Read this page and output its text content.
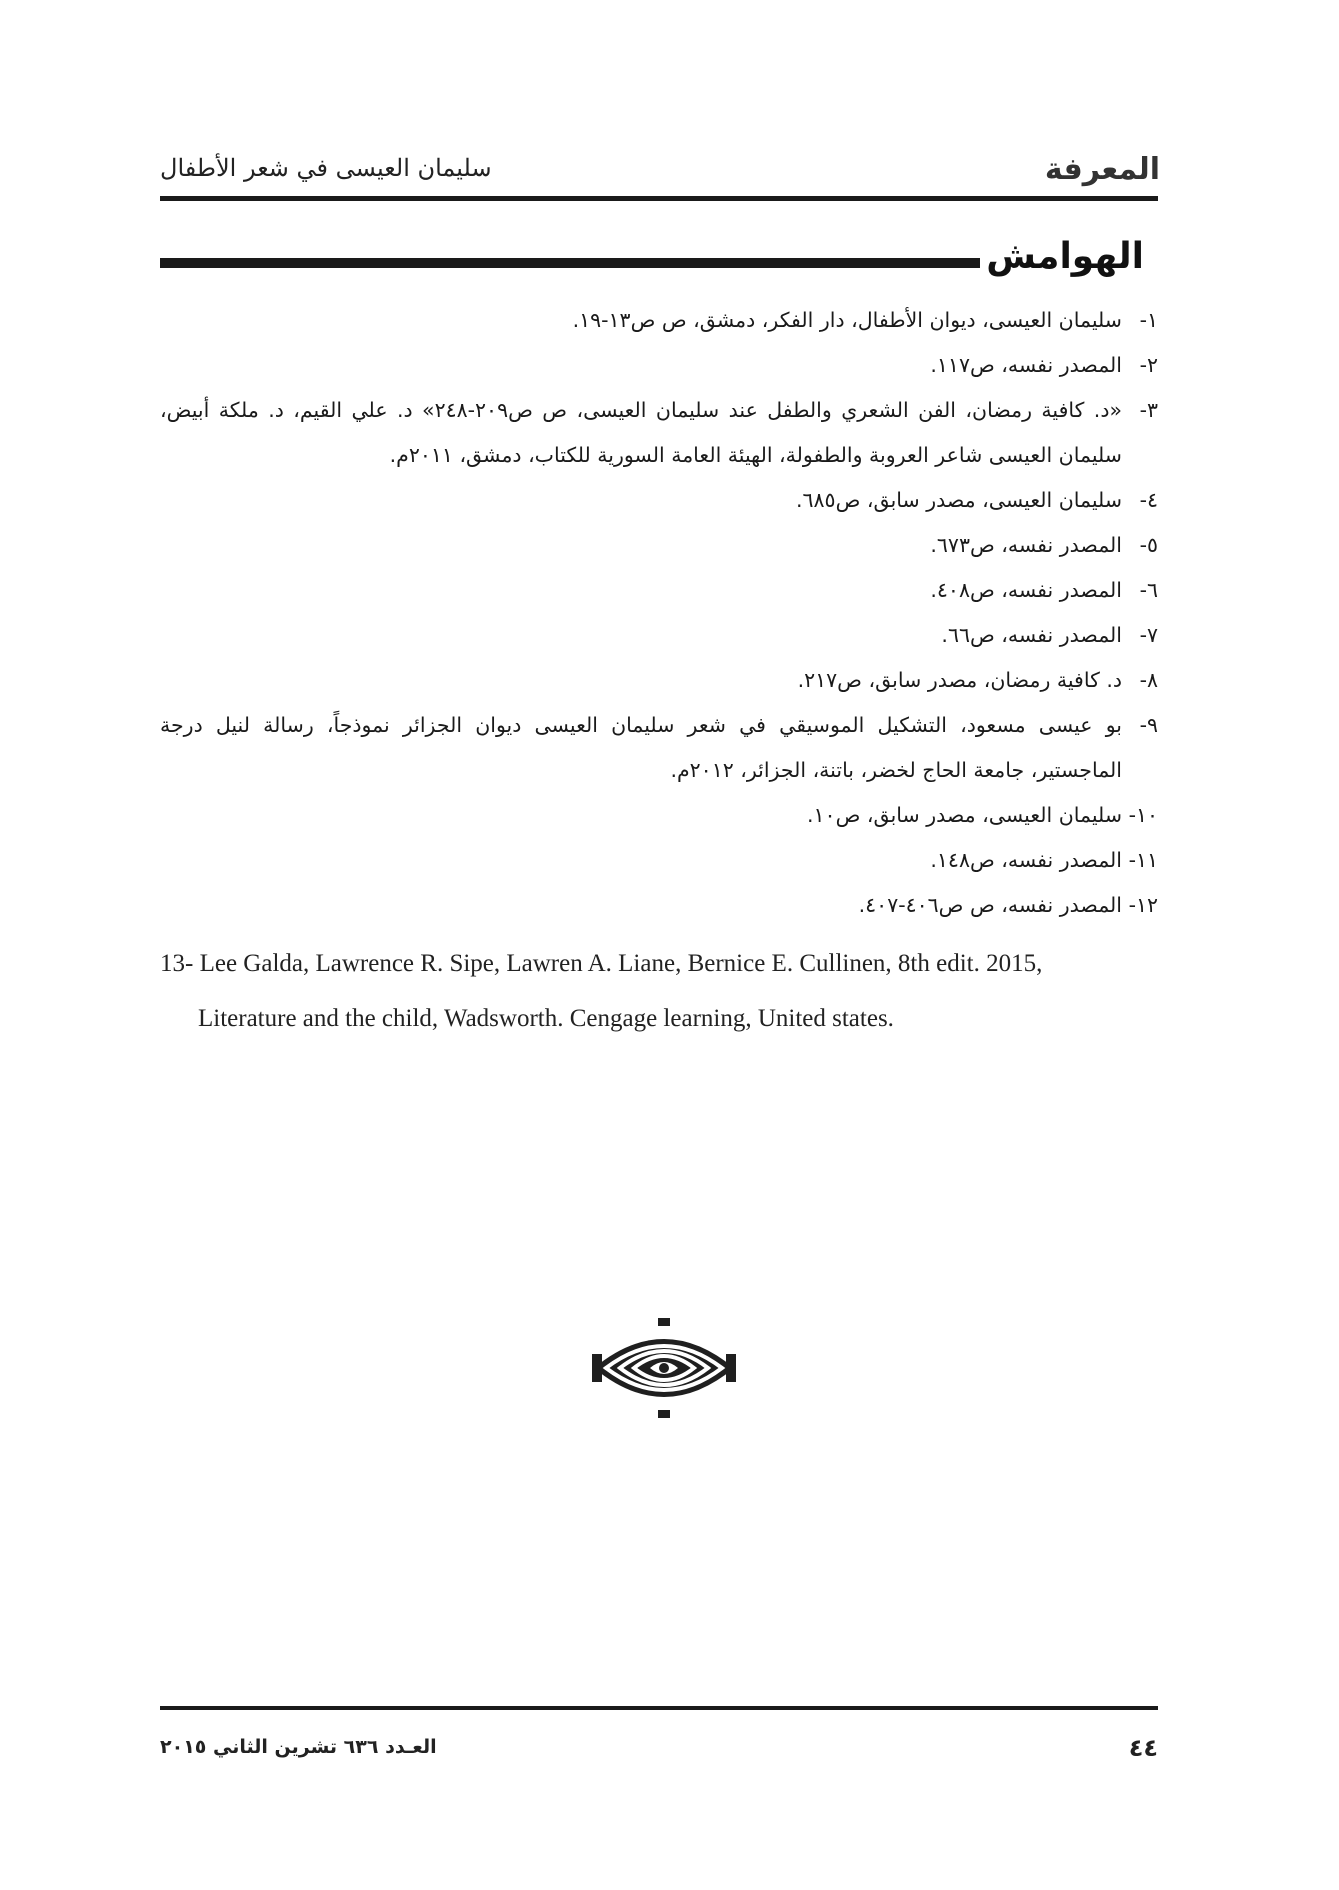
المعرفة
سليمان العيسى في شعر الأطفال
الهوامش
١-
سليمان العيسى، ديوان الأطفال، دار الفكر، دمشق، ص ص١٣-١٩.
٢-
المصدر نفسه، ص١١٧.
٣-
«د. كافية رمضان، الفن الشعري والطفل عند سليمان العيسى، ص ص٢٠٩-٢٤٨» د. علي القيم، د. ملكة أبيض، سليمان العيسى شاعر العروبة والطفولة، الهيئة العامة السورية للكتاب، دمشق، ٢٠١١م.
٤-
سليمان العيسى، مصدر سابق، ص٦٨٥.
٥-
المصدر نفسه، ص٦٧٣.
٦-
المصدر نفسه، ص٤٠٨.
٧-
المصدر نفسه، ص٦٦.
٨-
د. كافية رمضان، مصدر سابق، ص٢١٧.
٩-
بو عيسى مسعود، التشكيل الموسيقي في شعر سليمان العيسى ديوان الجزائر نموذجاً، رسالة لنيل درجة الماجستير، جامعة الحاج لخضر، باتنة، الجزائر، ٢٠١٢م.
١٠-
سليمان العيسى، مصدر سابق، ص١٠.
١١-
المصدر نفسه، ص١٤٨.
١٢-
المصدر نفسه، ص ص٤٠٦-٤٠٧.
13- Lee Galda, Lawrence R. Sipe, Lawren A. Liane, Bernice E. Cullinen, 8th edit. 2015,
Literature and the child, Wadsworth. Cengage learning, United states.
العـدد ٦٣٦ تشرين الثاني ٢٠١٥	٤٤
